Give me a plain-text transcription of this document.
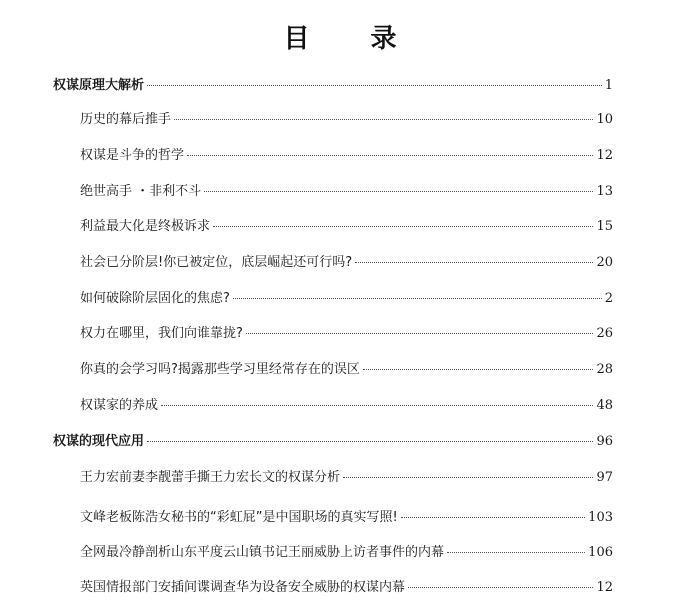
目 录
权谋原理大解析	1
历史的幕后推手	10
权谋是斗争的哲学	12
绝世高手 ・非利不斗	13
利益最大化是终极诉求	15
社会已分阶层!你已被定位，底层崛起还可行吗?	20
如何破除阶层固化的焦虑?	2
权力在哪里，我们向谁靠拢?	26
你真的会学习吗?揭露那些学习里经常存在的误区	28
权谋家的养成	48
权谋的现代应用	96
王力宏前妻李靓蕾手撕王力宏长文的权谋分析	97
文峰老板陈浩女秘书的“彩虹屁”是中国职场的真实写照!	103
全网最冷静剖析山东平度云山镇书记王丽威胁上访者事件的内幕	106
英国情报部门安插间谍调查华为设备安全威胁的权谋内幕	12
